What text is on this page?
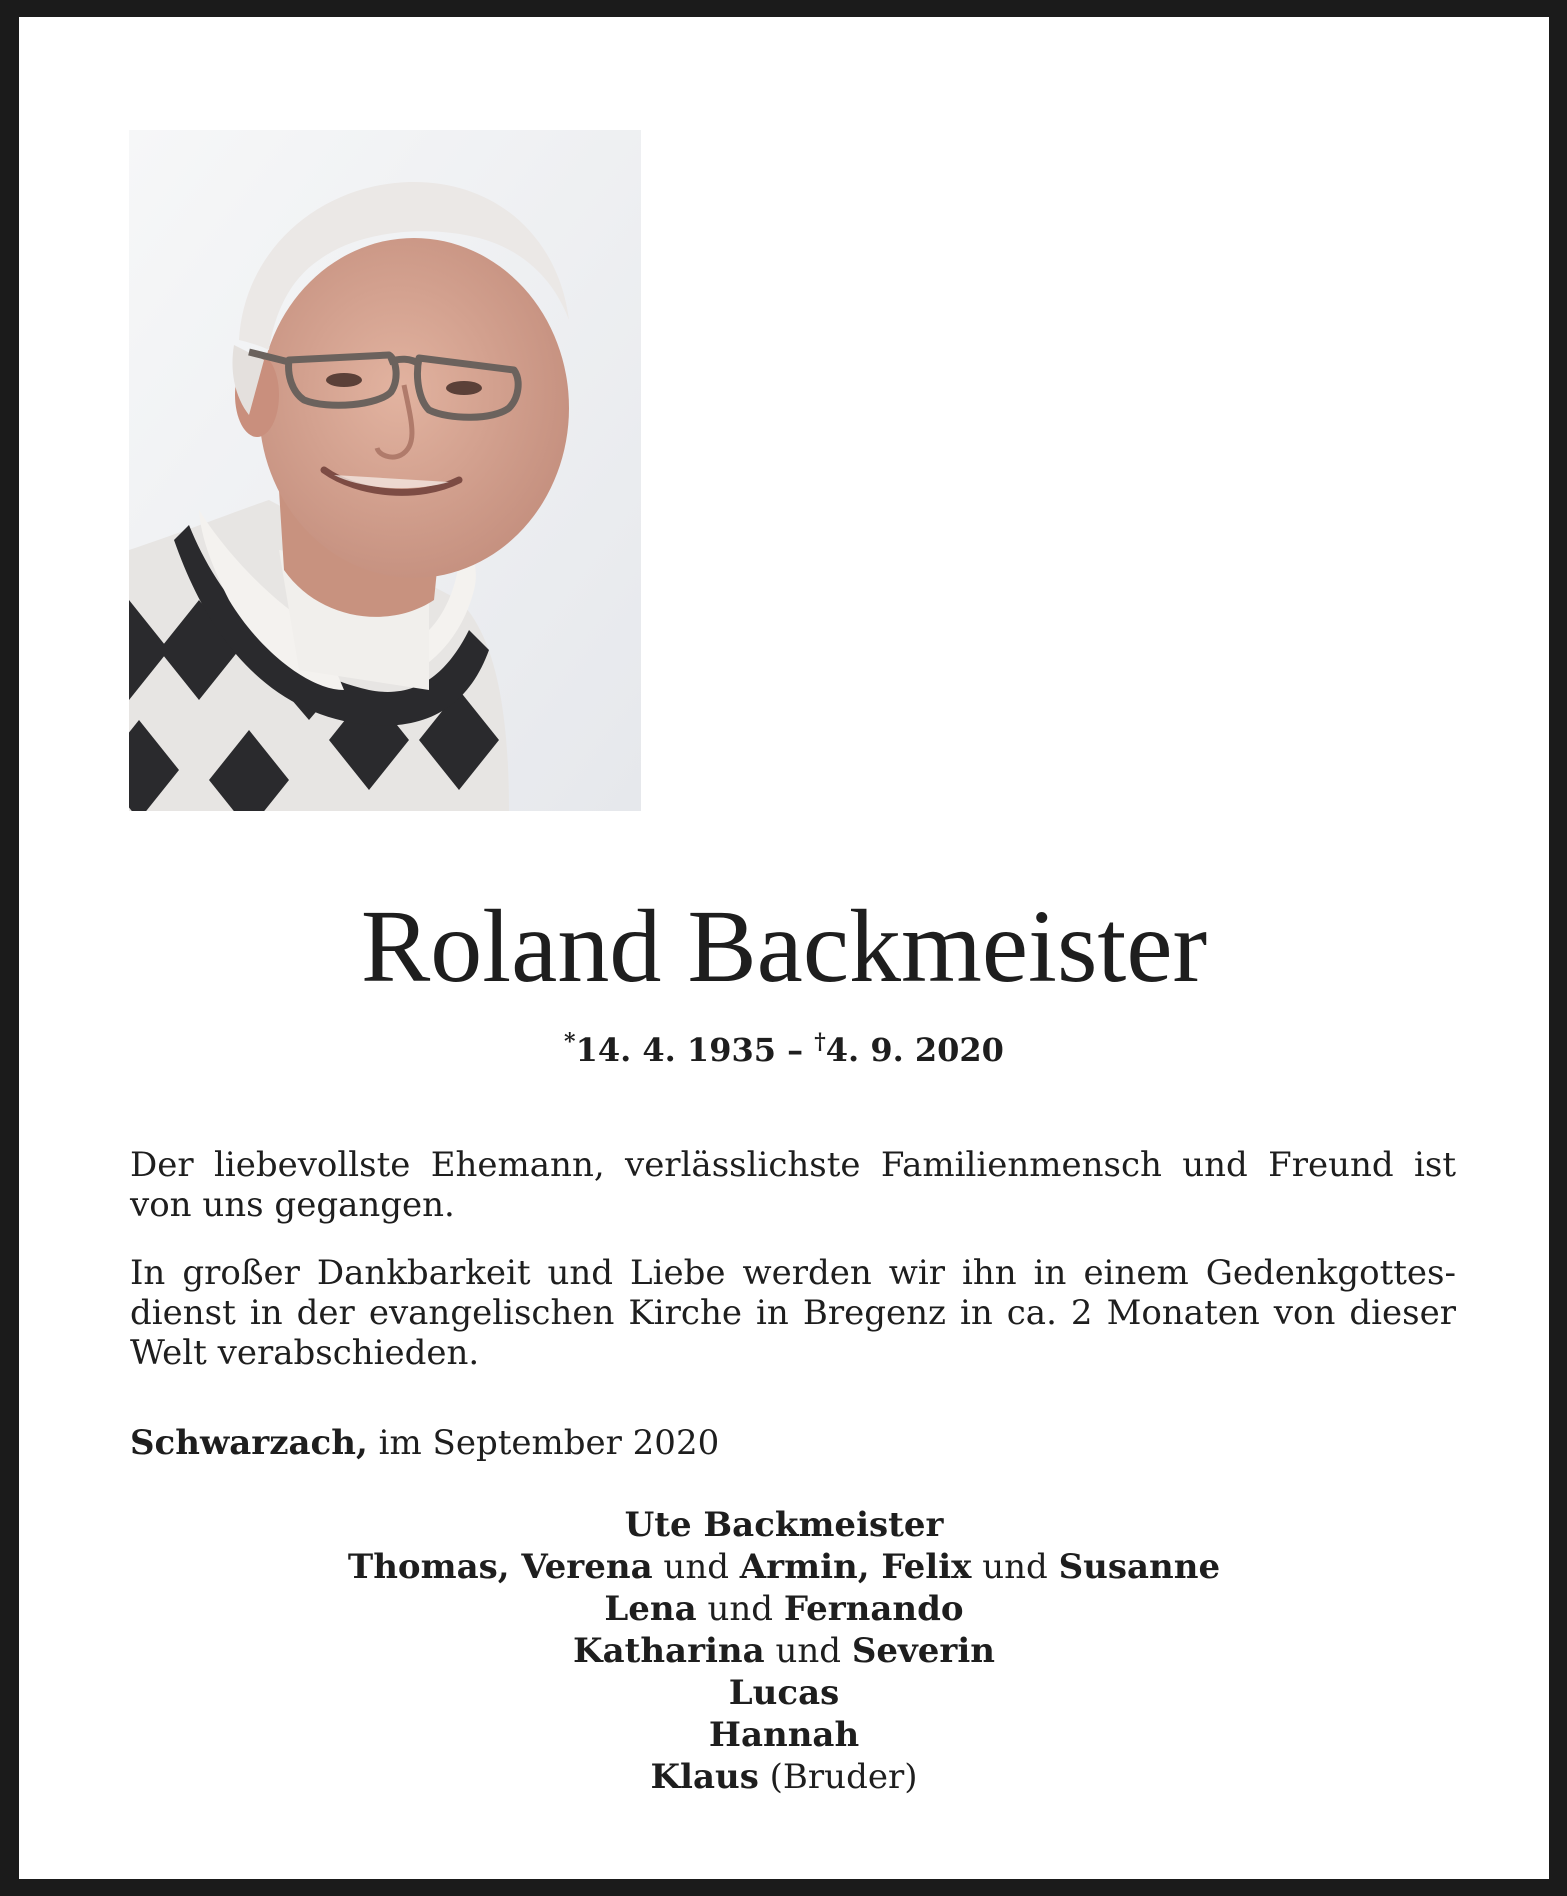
Roland Backmeister
*14. 4. 1935 – †4. 9. 2020

Der liebevollste Ehemann, verlässlichste Familienmensch und Freund ist von uns gegangen.

In großer Dankbarkeit und Liebe werden wir ihn in einem Gedenkgottesdienst in der evangelischen Kirche in Bregenz in ca. 2 Monaten von dieser Welt verabschieden.

Schwarzach, im September 2020
Ute Backmeister
Thomas, Verena und Armin, Felix und Susanne
Lena und Fernando
Katharina und Severin
Lucas
Hannah
Klaus (Bruder)
